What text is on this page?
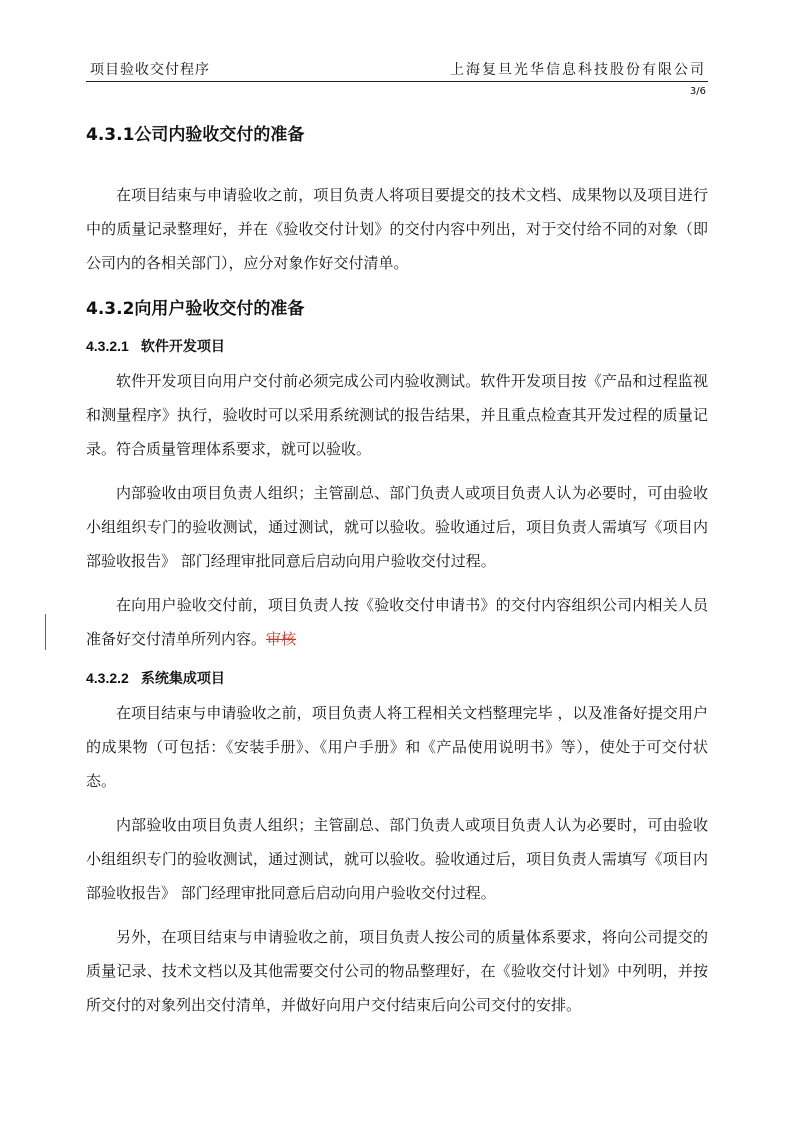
项目验收交付程序	上海复旦光华信息科技股份有限公司
3/6
4.3.1公司内验收交付的准备

在项目结束与申请验收之前，项目负责人将项目要提交的技术文档、成果物以及项目进行中的质量记录整理好，并在《验收交付计划》的交付内容中列出，对于交付给不同的对象（即公司内的各相关部门），应分对象作好交付清单。

4.3.2向用户验收交付的准备
4.3.2.1 软件开发项目

软件开发项目向用户交付前必须完成公司内验收测试。软件开发项目按《产品和过程监视和测量程序》执行，验收时可以采用系统测试的报告结果，并且重点检查其开发过程的质量记录。符合质量管理体系要求，就可以验收。

内部验收由项目负责人组织；主管副总、部门负责人或项目负责人认为必要时，可由验收小组组织专门的验收测试，通过测试，就可以验收。验收通过后，项目负责人需填写《项目内部验收报告》 部门经理审批同意后启动向用户验收交付过程。

在向用户验收交付前，项目负责人按《验收交付申请书》的交付内容组织公司内相关人员准备好交付清单所列内容。审核

4.3.2.2 系统集成项目

在项目结束与申请验收之前，项目负责人将工程相关文档整理完毕 ，以及准备好提交用户的成果物（可包括：《安装手册》、《用户手册》和《产品使用说明书》等），使处于可交付状态。

内部验收由项目负责人组织；主管副总、部门负责人或项目负责人认为必要时，可由验收小组组织专门的验收测试，通过测试，就可以验收。验收通过后，项目负责人需填写《项目内部验收报告》 部门经理审批同意后启动向用户验收交付过程。

另外，在项目结束与申请验收之前，项目负责人按公司的质量体系要求，将向公司提交的质量记录、技术文档以及其他需要交付公司的物品整理好，在《验收交付计划》中列明，并按所交付的对象列出交付清单，并做好向用户交付结束后向公司交付的安排。
